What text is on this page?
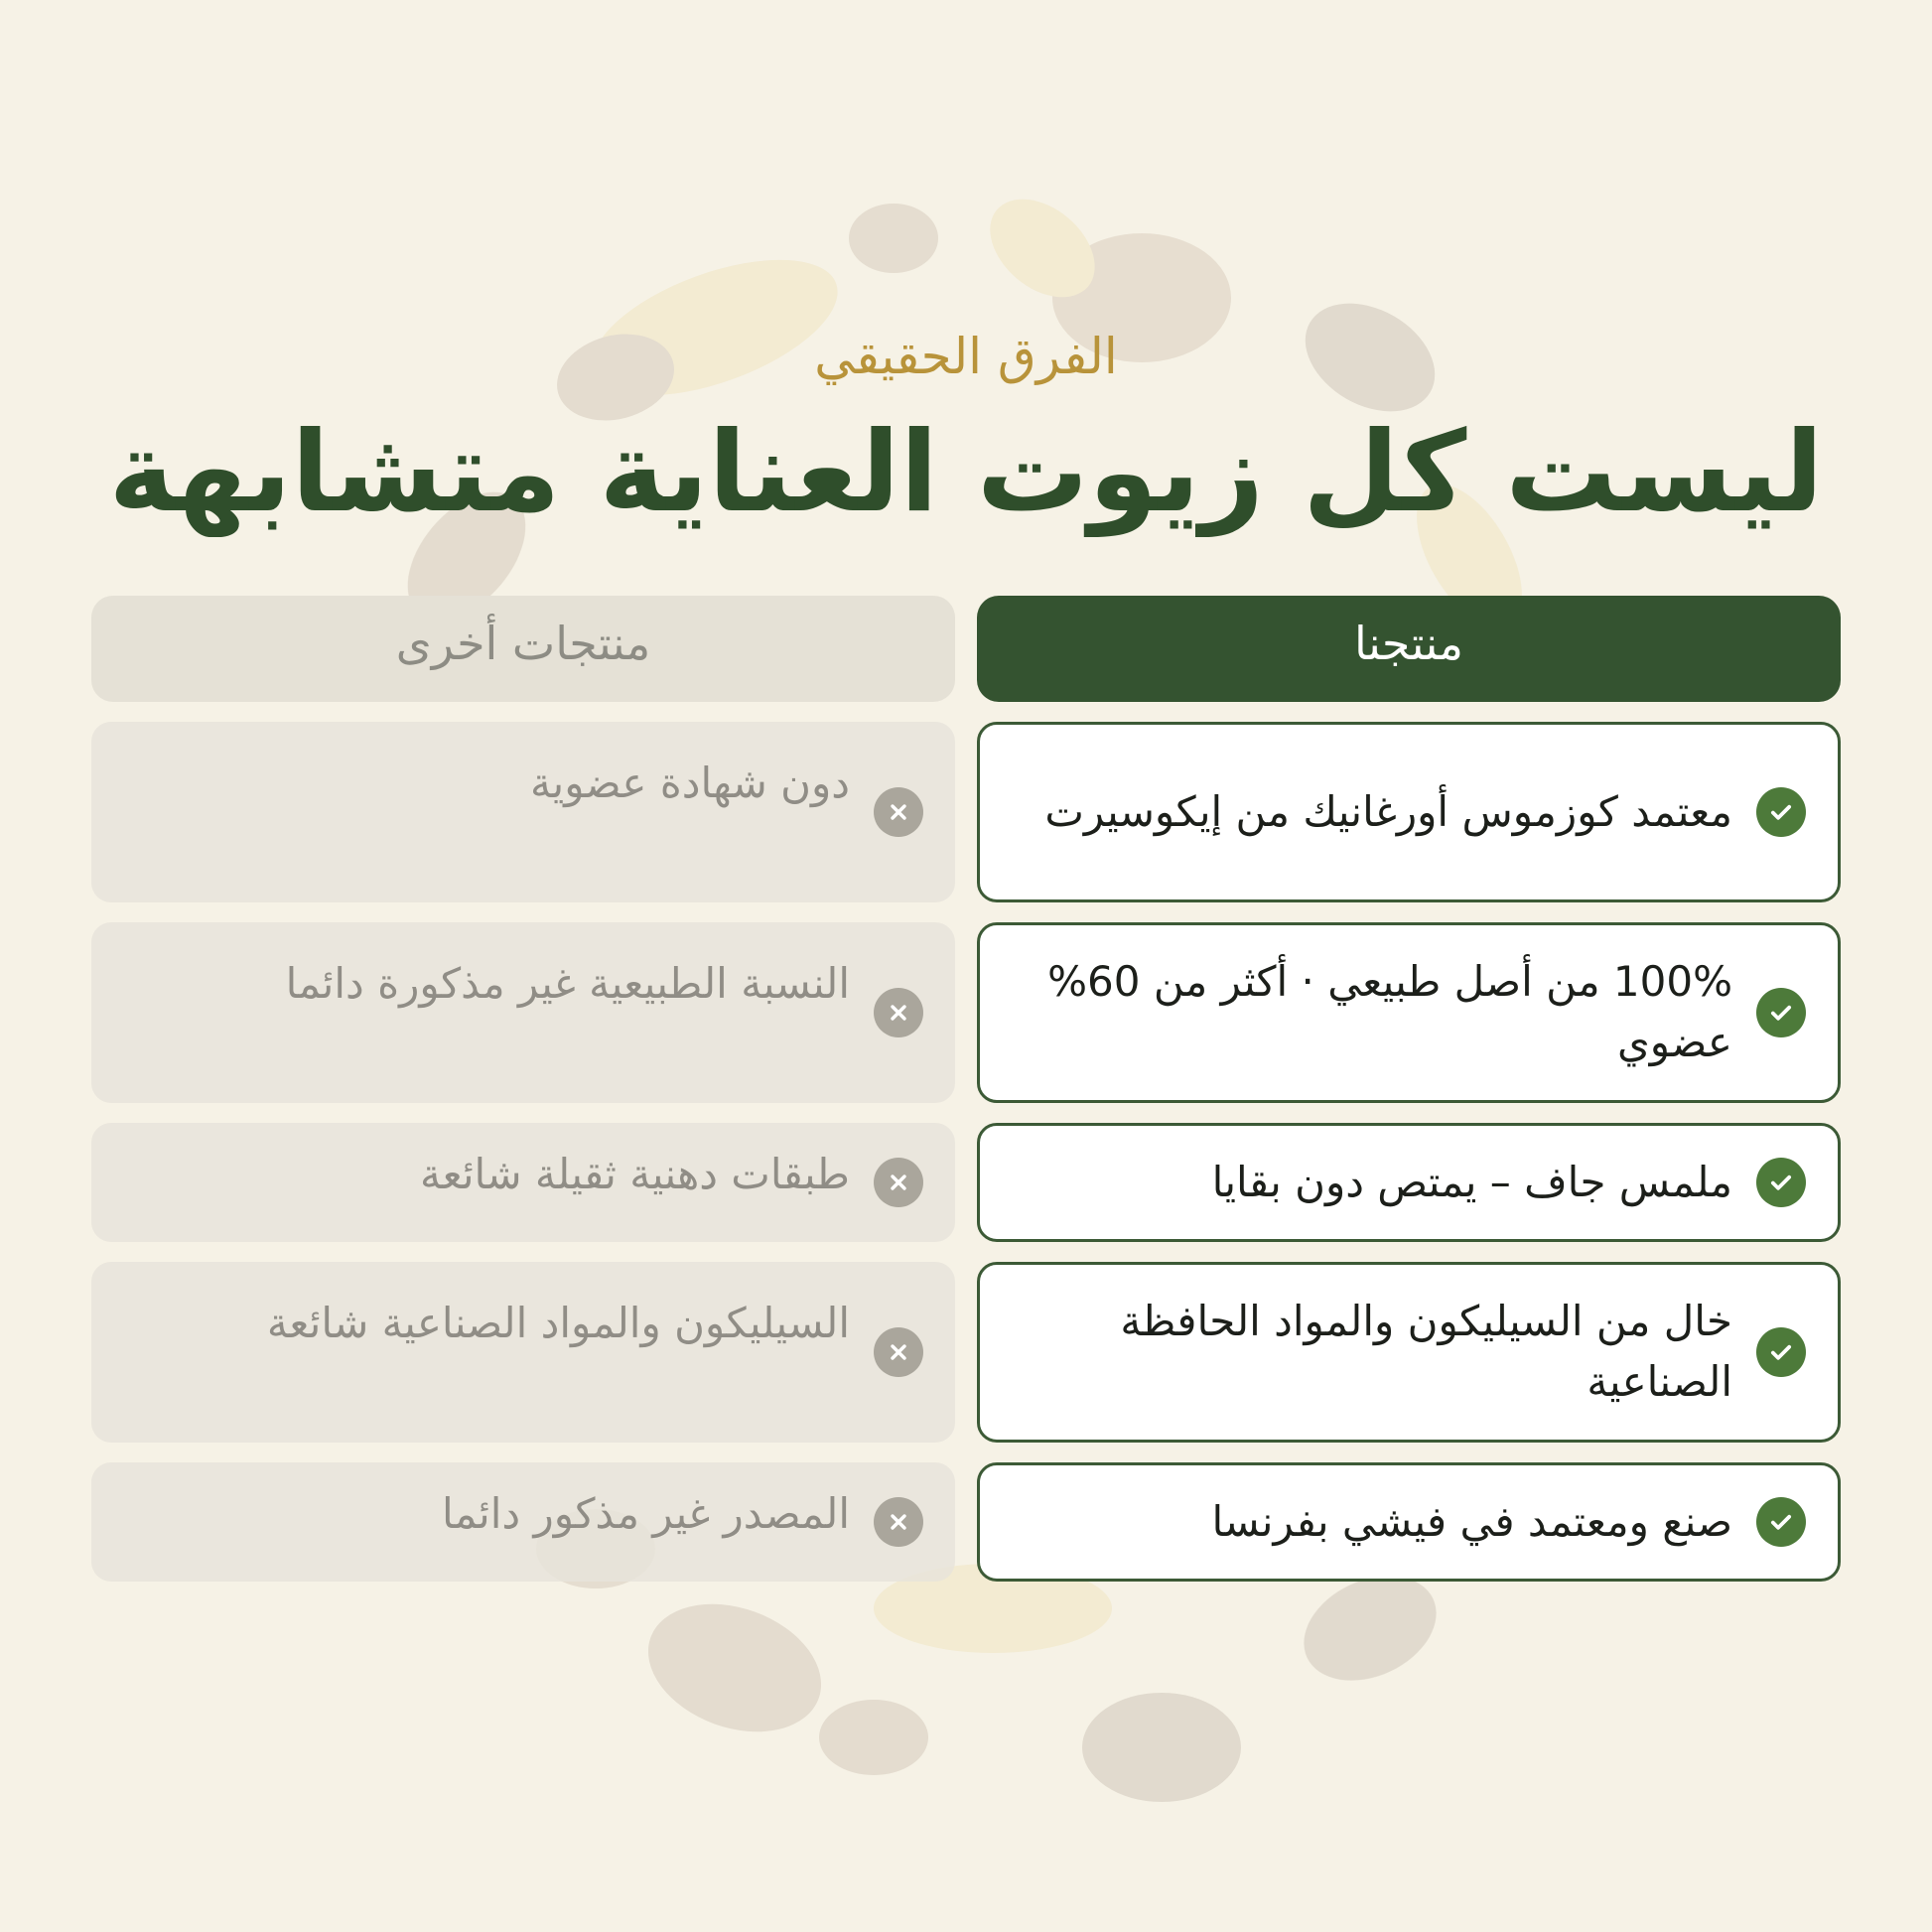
الفرق الحقيقي
ليست كل زيوت العناية متشابهة
منتجنا
منتجات أخرى
معتمد كوزموس أورغانيك من إيكوسيرت
دون شهادة عضوية
100% من أصل طبيعي · أكثر من 60% عضوي
النسبة الطبيعية غير مذكورة دائما
ملمس جاف – يمتص دون بقايا
طبقات دهنية ثقيلة شائعة
خال من السيليكون والمواد الحافظة الصناعية
السيليكون والمواد الصناعية شائعة
صنع ومعتمد في فيشي بفرنسا
المصدر غير مذكور دائما
